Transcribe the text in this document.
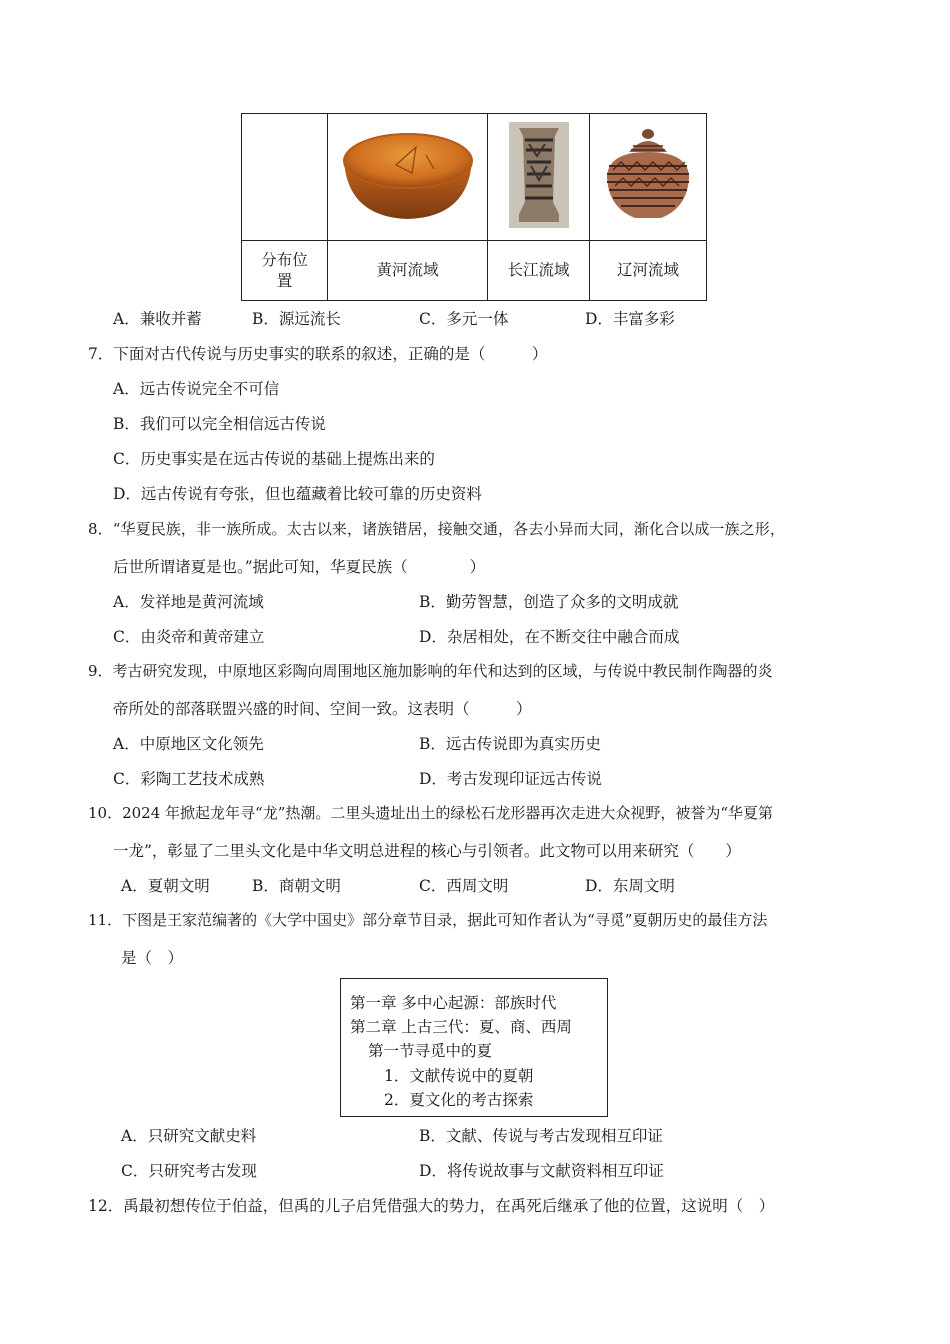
分布位置	黄河流域	长江流域	辽河流域
A．兼收并蓄	B．源远流长	C．多元一体	D．丰富多彩
7．下面对古代传说与历史事实的联系的叙述，正确的是（　　　）
A．远古传说完全不可信
B．我们可以完全相信远古传说
C．历史事实是在远古传说的基础上提炼出来的
D．远古传说有夸张，但也蕴藏着比较可靠的历史资料
8．“华夏民族，非一族所成。太古以来，诸族错居，接触交通，各去小异而大同，渐化合以成一族之形，
后世所谓诸夏是也。”据此可知，华夏民族（　　　　）
A．发祥地是黄河流域	B．勤劳智慧，创造了众多的文明成就
C．由炎帝和黄帝建立	D．杂居相处，在不断交往中融合而成
9．考古研究发现，中原地区彩陶向周围地区施加影响的年代和达到的区域，与传说中教民制作陶器的炎
帝所处的部落联盟兴盛的时间、空间一致。这表明（　　　）
A．中原地区文化领先	B．远古传说即为真实历史
C．彩陶工艺技术成熟	D．考古发现印证远古传说
10．2024 年掀起龙年寻“龙”热潮。二里头遗址出土的绿松石龙形器再次走进大众视野，被誉为“华夏第
一龙”，彰显了二里头文化是中华文明总进程的核心与引领者。此文物可以用来研究（　　）
A．夏朝文明	B．商朝文明	C．西周文明	D．东周文明
11．下图是王家范编著的《大学中国史》部分章节目录，据此可知作者认为“寻觅”夏朝历史的最佳方法
是（　）
第一章 多中心起源：部族时代
第二章 上古三代：夏、商、西周
第一节寻觅中的夏
1．文献传说中的夏朝
2．夏文化的考古探索
A．只研究文献史料	B．文献、传说与考古发现相互印证
C．只研究考古发现	D．将传说故事与文献资料相互印证
12．禹最初想传位于伯益，但禹的儿子启凭借强大的势力，在禹死后继承了他的位置，这说明（　）
